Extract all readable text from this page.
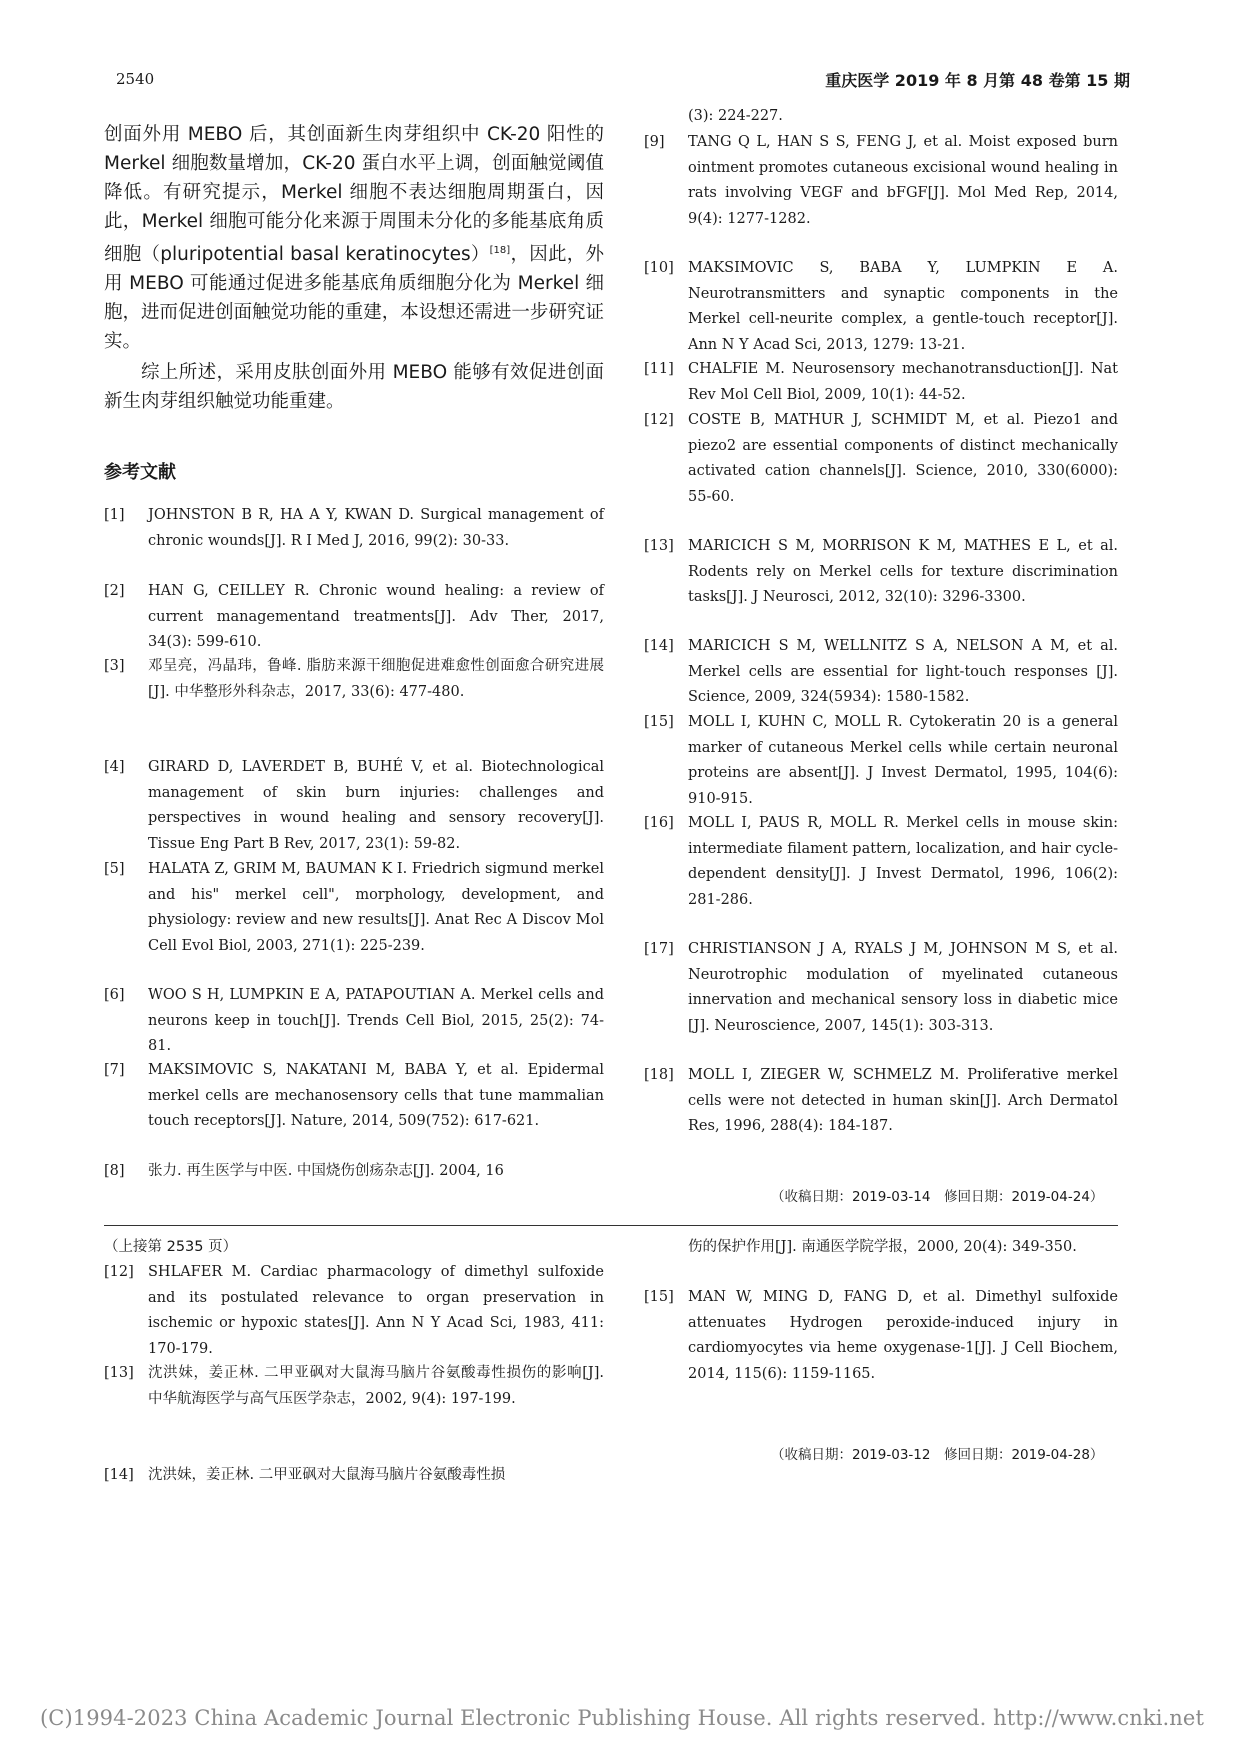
2540	重庆医学 2019 年 8 月第 48 卷第 15 期
创面外用 MEBO 后，其创面新生肉芽组织中 CK-20 阳性的 Merkel 细胞数量增加，CK-20 蛋白水平上调，创面触觉阈值降低。有研究提示，Merkel 细胞不表达细胞周期蛋白，因此，Merkel 细胞可能分化来源于周围未分化的多能基底角质细胞（pluripotential basal keratinocytes）[18]，因此，外用 MEBO 可能通过促进多能基底角质细胞分化为 Merkel 细胞，进而促进创面触觉功能的重建，本设想还需进一步研究证实。
综上所述，采用皮肤创面外用 MEBO 能够有效促进创面新生肉芽组织触觉功能重建。
参考文献
[1]	JOHNSTON B R, HA A Y, KWAN D. Surgical management of chronic wounds[J]. R I Med J, 2016, 99(2): 30-33.
[2]	HAN G, CEILLEY R. Chronic wound healing: a review of current managementand treatments[J]. Adv Ther, 2017, 34(3): 599-610.
[3]	邓呈亮，冯晶玮，鲁峰. 脂肪来源干细胞促进难愈性创面愈合研究进展[J]. 中华整形外科杂志，2017, 33(6): 477-480.
[4]	GIRARD D, LAVERDET B, BUHÉ V, et al. Biotechnological management of skin burn injuries: challenges and perspectives in wound healing and sensory recovery[J]. Tissue Eng Part B Rev, 2017, 23(1): 59-82.
[5]	HALATA Z, GRIM M, BAUMAN K I. Friedrich sigmund merkel and his" merkel cell", morphology, development, and physiology: review and new results[J]. Anat Rec A Discov Mol Cell Evol Biol, 2003, 271(1): 225-239.
[6]	WOO S H, LUMPKIN E A, PATAPOUTIAN A. Merkel cells and neurons keep in touch[J]. Trends Cell Biol, 2015, 25(2): 74-81.
[7]	MAKSIMOVIC S, NAKATANI M, BABA Y, et al. Epidermal merkel cells are mechanosensory cells that tune mammalian touch receptors[J]. Nature, 2014, 509(752): 617-621.
[8]	张力. 再生医学与中医. 中国烧伤创疡杂志[J]. 2004, 16
(3): 224-227.
[9]	TANG Q L, HAN S S, FENG J, et al. Moist exposed burn ointment promotes cutaneous excisional wound healing in rats involving VEGF and bFGF[J]. Mol Med Rep, 2014, 9(4): 1277-1282.
[10] MAKSIMOVIC S, BABA Y, LUMPKIN E A. Neurotransmitters and synaptic components in the Merkel cell-neurite complex, a gentle-touch receptor[J]. Ann N Y Acad Sci, 2013, 1279: 13-21.
[11] CHALFIE M. Neurosensory mechanotransduction[J]. Nat Rev Mol Cell Biol, 2009, 10(1): 44-52.
[12] COSTE B, MATHUR J, SCHMIDT M, et al. Piezo1 and piezo2 are essential components of distinct mechanically activated cation channels[J]. Science, 2010, 330(6000): 55-60.
[13] MARICICH S M, MORRISON K M, MATHES E L, et al. Rodents rely on Merkel cells for texture discrimination tasks[J]. J Neurosci, 2012, 32(10): 3296-3300.
[14] MARICICH S M, WELLNITZ S A, NELSON A M, et al. Merkel cells are essential for light-touch responses [J]. Science, 2009, 324(5934): 1580-1582.
[15] MOLL I, KUHN C, MOLL R. Cytokeratin 20 is a general marker of cutaneous Merkel cells while certain neuronal proteins are absent[J]. J Invest Dermatol, 1995, 104(6): 910-915.
[16] MOLL I, PAUS R, MOLL R. Merkel cells in mouse skin: intermediate filament pattern, localization, and hair cycle-dependent density[J]. J Invest Dermatol, 1996, 106(2): 281-286.
[17] CHRISTIANSON J A, RYALS J M, JOHNSON M S, et al. Neurotrophic modulation of myelinated cutaneous innervation and mechanical sensory loss in diabetic mice [J]. Neuroscience, 2007, 145(1): 303-313.
[18] MOLL I, ZIEGER W, SCHMELZ M. Proliferative merkel cells were not detected in human skin[J]. Arch Dermatol Res, 1996, 288(4): 184-187.
（收稿日期：2019-03-14　修回日期：2019-04-24）
（上接第 2535 页）
[12] SHLAFER M. Cardiac pharmacology of dimethyl sulfoxide and its postulated relevance to organ preservation in ischemic or hypoxic states[J]. Ann N Y Acad Sci, 1983, 411: 170-179.
[13] 沈洪妹，姜正林. 二甲亚砜对大鼠海马脑片谷氨酸毒性损伤的影响[J]. 中华航海医学与高气压医学杂志，2002, 9(4): 197-199.
[14] 沈洪妹，姜正林. 二甲亚砜对大鼠海马脑片谷氨酸毒性损
伤的保护作用[J]. 南通医学院学报，2000, 20(4): 349-350.
[15] MAN W, MING D, FANG D, et al. Dimethyl sulfoxide attenuates Hydrogen peroxide-induced injury in cardiomyocytes via heme oxygenase-1[J]. J Cell Biochem, 2014, 115(6): 1159-1165.
（收稿日期：2019-03-12　修回日期：2019-04-28）
(C)1994-2023 China Academic Journal Electronic Publishing House. All rights reserved. http://www.cnki.net
